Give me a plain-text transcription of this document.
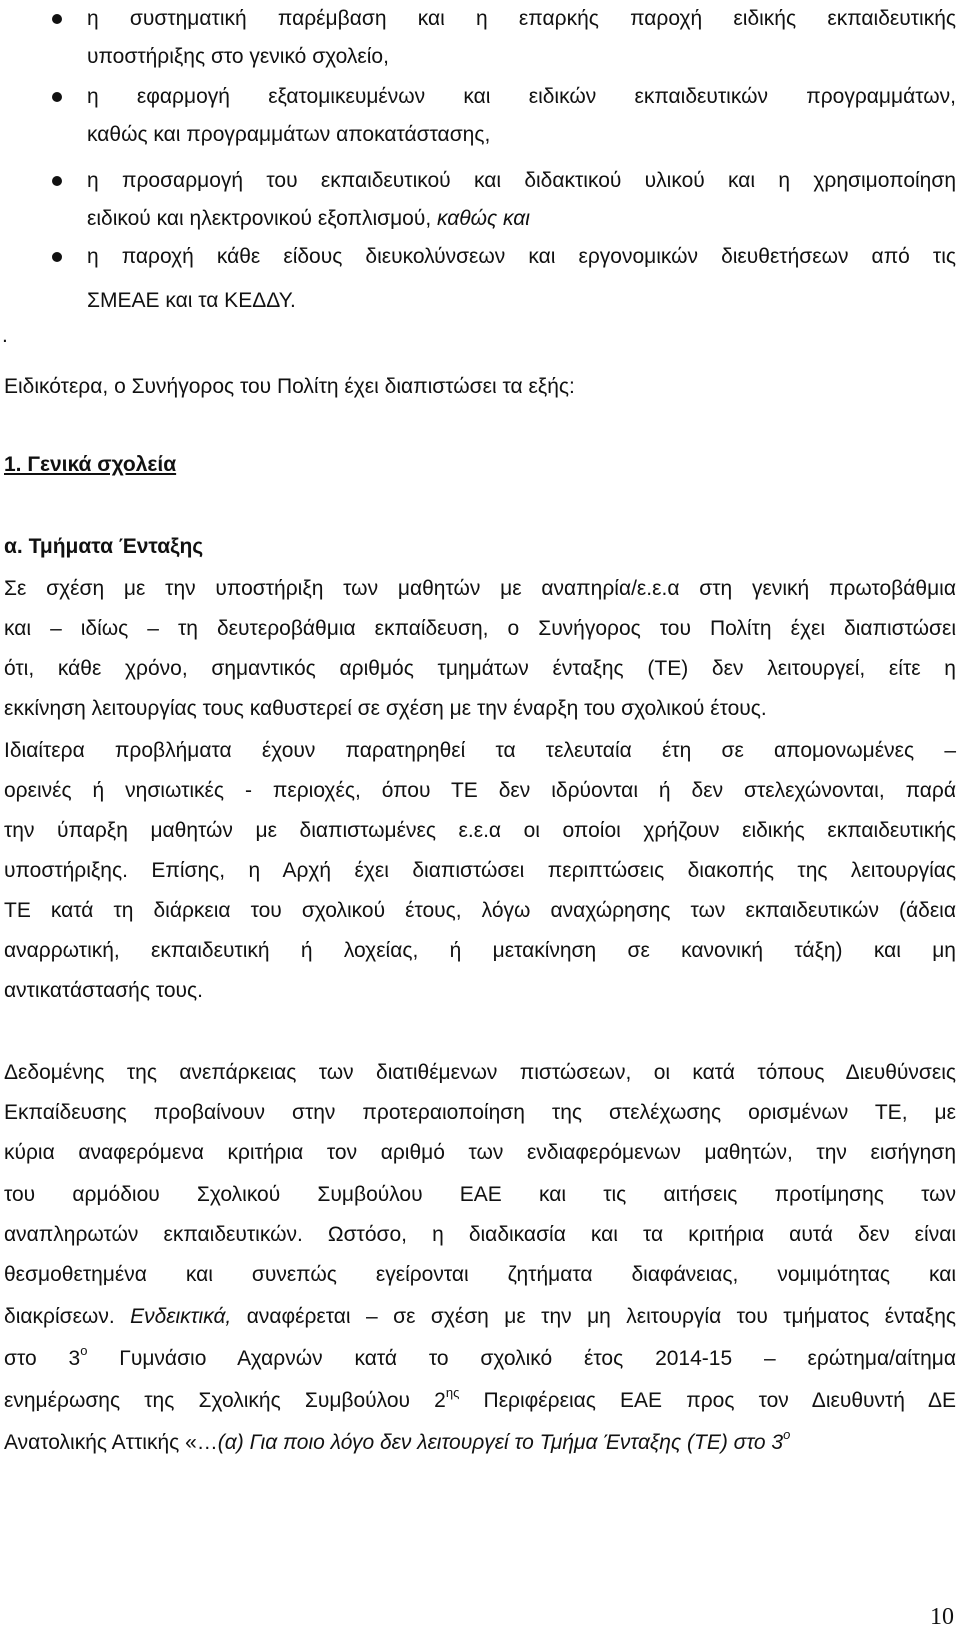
η συστηματική παρέμβαση και η επαρκής παροχή ειδικής εκπαιδευτικής
υποστήριξης στο γενικό σχολείο,
η εφαρμογή εξατομικευμένων και ειδικών εκπαιδευτικών προγραμμάτων,
καθώς και προγραμμάτων αποκατάστασης,
η προσαρμογή του εκπαιδευτικού και διδακτικού υλικού και η χρησιμοποίηση
ειδικού και ηλεκτρονικού εξοπλισμού, καθώς και
η παροχή κάθε είδους διευκολύνσεων και εργονομικών διευθετήσεων από τις
ΣΜΕΑΕ και τα ΚΕΔΔΥ.
.
Ειδικότερα, ο Συνήγορος του Πολίτη έχει διαπιστώσει τα εξής:
1. Γενικά σχολεία
α. Τμήματα Ένταξης
Σε σχέση με την υποστήριξη των μαθητών με αναπηρία/ε.ε.α στη γενική πρωτοβάθμια
και – ιδίως – τη δευτεροβάθμια εκπαίδευση, ο Συνήγορος του Πολίτη έχει διαπιστώσει
ότι, κάθε χρόνο, σημαντικός αριθμός τμημάτων ένταξης (ΤΕ) δεν λειτουργεί, είτε η
εκκίνηση λειτουργίας τους καθυστερεί σε σχέση με την έναρξη του σχολικού έτους.
Ιδιαίτερα προβλήματα έχουν παρατηρηθεί τα τελευταία έτη σε απομονωμένες –
ορεινές ή νησιωτικές - περιοχές, όπου ΤΕ δεν ιδρύονται ή δεν στελεχώνονται, παρά
την ύπαρξη μαθητών με διαπιστωμένες ε.ε.α οι οποίοι χρήζουν ειδικής εκπαιδευτικής
υποστήριξης. Επίσης, η Αρχή έχει διαπιστώσει περιπτώσεις διακοπής της λειτουργίας
ΤΕ κατά τη διάρκεια του σχολικού έτους, λόγω αναχώρησης των εκπαιδευτικών (άδεια
αναρρωτική, εκπαιδευτική ή λοχείας, ή μετακίνηση σε κανονική τάξη) και μη
αντικατάστασής τους.
Δεδομένης της ανεπάρκειας των διατιθέμενων πιστώσεων, οι κατά τόπους Διευθύνσεις
Εκπαίδευσης προβαίνουν στην προτεραιοποίηση της στελέχωσης ορισμένων ΤΕ, με
κύρια αναφερόμενα κριτήρια τον αριθμό των ενδιαφερόμενων μαθητών, την εισήγηση
του αρμόδιου Σχολικού Συμβούλου ΕΑΕ και τις αιτήσεις προτίμησης των
αναπληρωτών εκπαιδευτικών. Ωστόσο, η διαδικασία και τα κριτήρια αυτά δεν είναι
θεσμοθετημένα και συνεπώς εγείρονται ζητήματα διαφάνειας, νομιμότητας και
διακρίσεων. Ενδεικτικά, αναφέρεται – σε σχέση με την μη λειτουργία του τμήματος ένταξης
στο $3^o$ Γυμνάσιο Αχαρνών κατά το σχολικό έτος 2014-15 – ερώτημα/αίτημα
ενημέρωσης της Σχολικής Συμβούλου $2^{\eta\varsigma}$ Περιφέρειας ΕΑΕ προς τον Διευθυντή ΔΕ
Ανατολικής Αττικής «…(α) Για ποιο λόγο δεν λειτουργεί το Τμήμα Ένταξης (ΤΕ) στο $3^o$
10
